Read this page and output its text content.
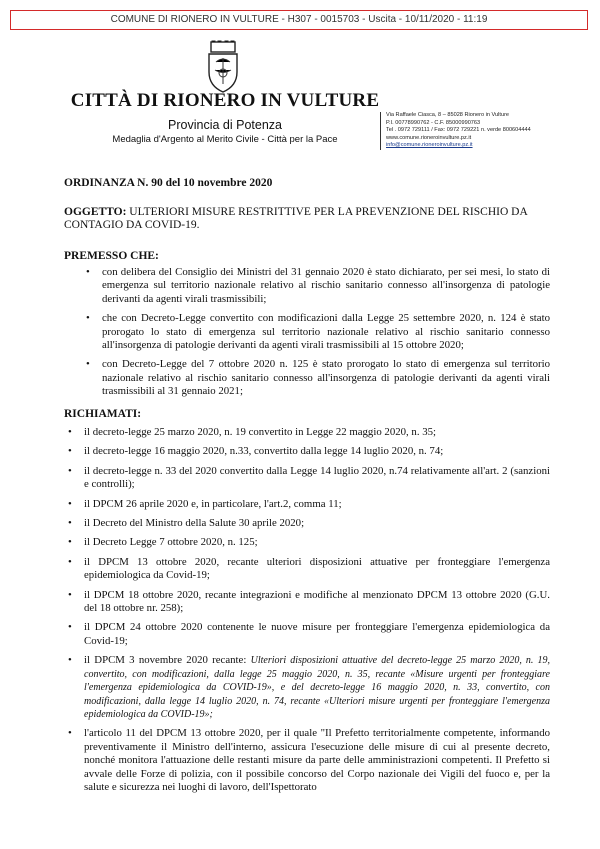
COMUNE DI RIONERO IN VULTURE - H307 - 0015703 - Uscita - 10/11/2020 - 11:19
CITTÀ DI RIONERO IN VULTURE
Provincia di Potenza
Medaglia d'Argento al Merito Civile - Città per la Pace
Via Raffaele Ciasca, 8 – 85028 Rionero in Vulture
P.I. 00778990762 - C.F. 85000990763
Tel . 0972 729111 / Fax: 0972 729221 n. verde 800604444
www.comune.rioneroinvulture.pz.it
info@comune.rioneroinvulture.pz.it
ORDINANZA N. 90 del 10 novembre 2020
OGGETTO: ULTERIORI MISURE RESTRITTIVE PER LA PREVENZIONE DEL RISCHIO DA CONTAGIO DA COVID-19.
PREMESSO CHE:
• con delibera del Consiglio dei Ministri del 31 gennaio 2020 è stato dichiarato, per sei mesi, lo stato di emergenza sul territorio nazionale relativo al rischio sanitario connesso all'insorgenza di patologie derivanti da agenti virali trasmissibili;
• che con Decreto-Legge convertito con modificazioni dalla Legge 25 settembre 2020, n. 124 è stato prorogato lo stato di emergenza sul territorio nazionale relativo al rischio sanitario connesso all'insorgenza di patologie derivanti da agenti virali trasmissibili al 15 ottobre 2020;
• con Decreto-Legge del 7 ottobre 2020 n. 125 è stato prorogato lo stato di emergenza sul territorio nazionale relativo al rischio sanitario connesso all'insorgenza di patologie derivanti da agenti virali trasmissibili al 31 gennaio 2021;
RICHIAMATI:
• il decreto-legge 25 marzo 2020, n. 19 convertito in Legge 22 maggio 2020, n. 35;
• il decreto-legge 16 maggio 2020, n.33, convertito dalla legge 14 luglio 2020, n. 74;
• il decreto-legge n. 33 del 2020 convertito dalla Legge 14 luglio 2020, n.74 relativamente all'art. 2 (sanzioni e controlli);
• il DPCM 26 aprile 2020 e, in particolare, l'art.2, comma 11;
• il Decreto del Ministro della Salute 30 aprile 2020;
• il Decreto Legge 7 ottobre 2020, n. 125;
• il DPCM 13 ottobre 2020, recante ulteriori disposizioni attuative per fronteggiare l'emergenza epidemiologica da Covid-19;
• il DPCM 18 ottobre 2020, recante integrazioni e modifiche al menzionato DPCM 13 ottobre 2020 (G.U. del 18 ottobre nr. 258);
• il DPCM 24 ottobre 2020 contenente le nuove misure per fronteggiare l'emergenza epidemiologica da Covid-19;
• il DPCM 3 novembre 2020 recante: Ulteriori disposizioni attuative del decreto-legge 25 marzo 2020, n. 19, convertito, con modificazioni, dalla legge 25 maggio 2020, n. 35, recante «Misure urgenti per fronteggiare l'emergenza epidemiologica da COVID-19», e del decreto-legge 16 maggio 2020, n. 33, convertito, con modificazioni, dalla legge 14 luglio 2020, n. 74, recante «Ulteriori misure urgenti per fronteggiare l'emergenza epidemiologica da COVID-19»;
• l'articolo 11 del DPCM 13 ottobre 2020, per il quale "Il Prefetto territorialmente competente, informando preventivamente il Ministro dell'interno, assicura l'esecuzione delle misure di cui al presente decreto, nonché monitora l'attuazione delle restanti misure da parte delle amministrazioni competenti. Il Prefetto si avvale delle Forze di polizia, con il possibile concorso del Corpo nazionale dei Vigili del fuoco e, per la salute e sicurezza nei luoghi di lavoro, dell'Ispettorato
